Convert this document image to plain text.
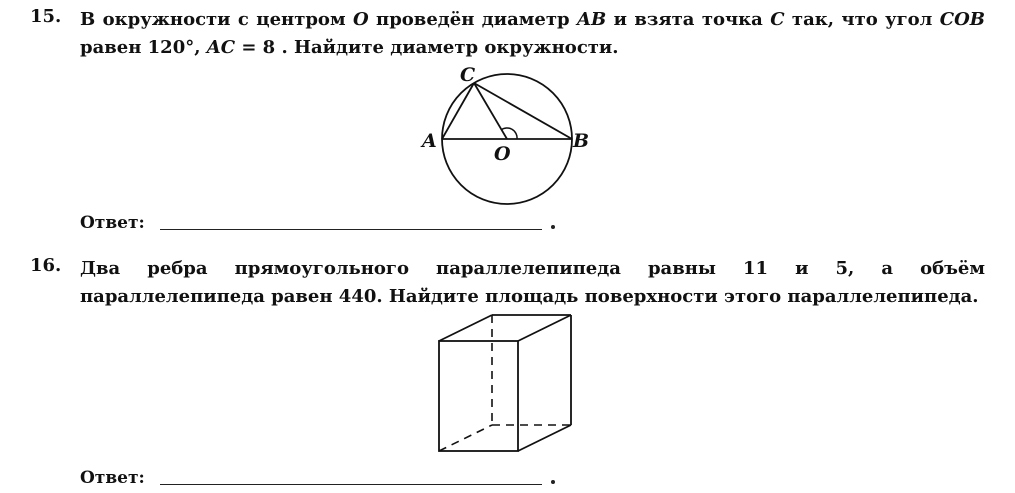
15. В окружности с центром O проведён диаметр AB и взята точка C так, что угол COB равен 120°, AC = 8 . Найдите диаметр окружности.
C
A	B
O
Ответ:
16. Два ребра прямоугольного параллелепипеда равны 11 и 5, а объём параллелепипеда равен 440. Найдите площадь поверхности этого параллелепипеда.
Ответ:
